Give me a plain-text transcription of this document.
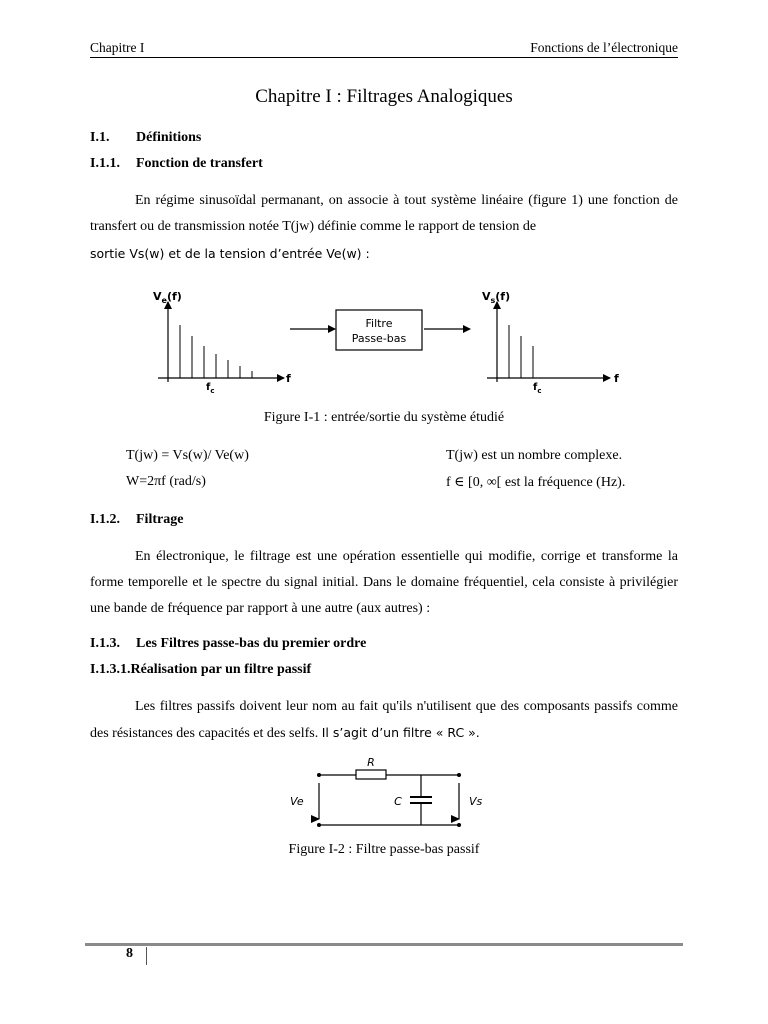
Chapitre I	Fonctions de l’électronique
Chapitre I : Filtrages Analogiques
I.1. Définitions
I.1.1. Fonction de transfert
En régime sinusoïdal permanant, on associe à tout système linéaire (figure 1) une fonction de transfert ou de transmission notée T(jw) définie comme le rapport de tension de
sortie Vs(w) et de la tension d’entrée Ve(w) :
$V_e(f)$
f
$f_c$
Filtre
Passe-bas
$V_s(f)$
f
$f_c$
Figure I-1 : entrée/sortie du système étudié
T(jw) = Vs(w)/ Ve(w)	T(jw) est un nombre complexe.
W=2πf (rad/s)	f ∈ [0, ∞[ est la fréquence (Hz).
I.1.2. Filtrage
En électronique, le filtrage est une opération essentielle qui modifie, corrige et transforme la forme temporelle et le spectre du signal initial. Dans le domaine fréquentiel, cela consiste à privilégier une bande de fréquence par rapport à une autre (aux autres) :
I.1.3. Les Filtres passe-bas du premier ordre
I.1.3.1.Réalisation par un filtre passif
Les filtres passifs doivent leur nom au fait qu'ils n'utilisent que des composants passifs comme des résistances des capacités et des selfs. Il s’agit d’un filtre « RC ».
R
C
Ve	Vs
Figure I-2 : Filtre passe-bas passif
8
